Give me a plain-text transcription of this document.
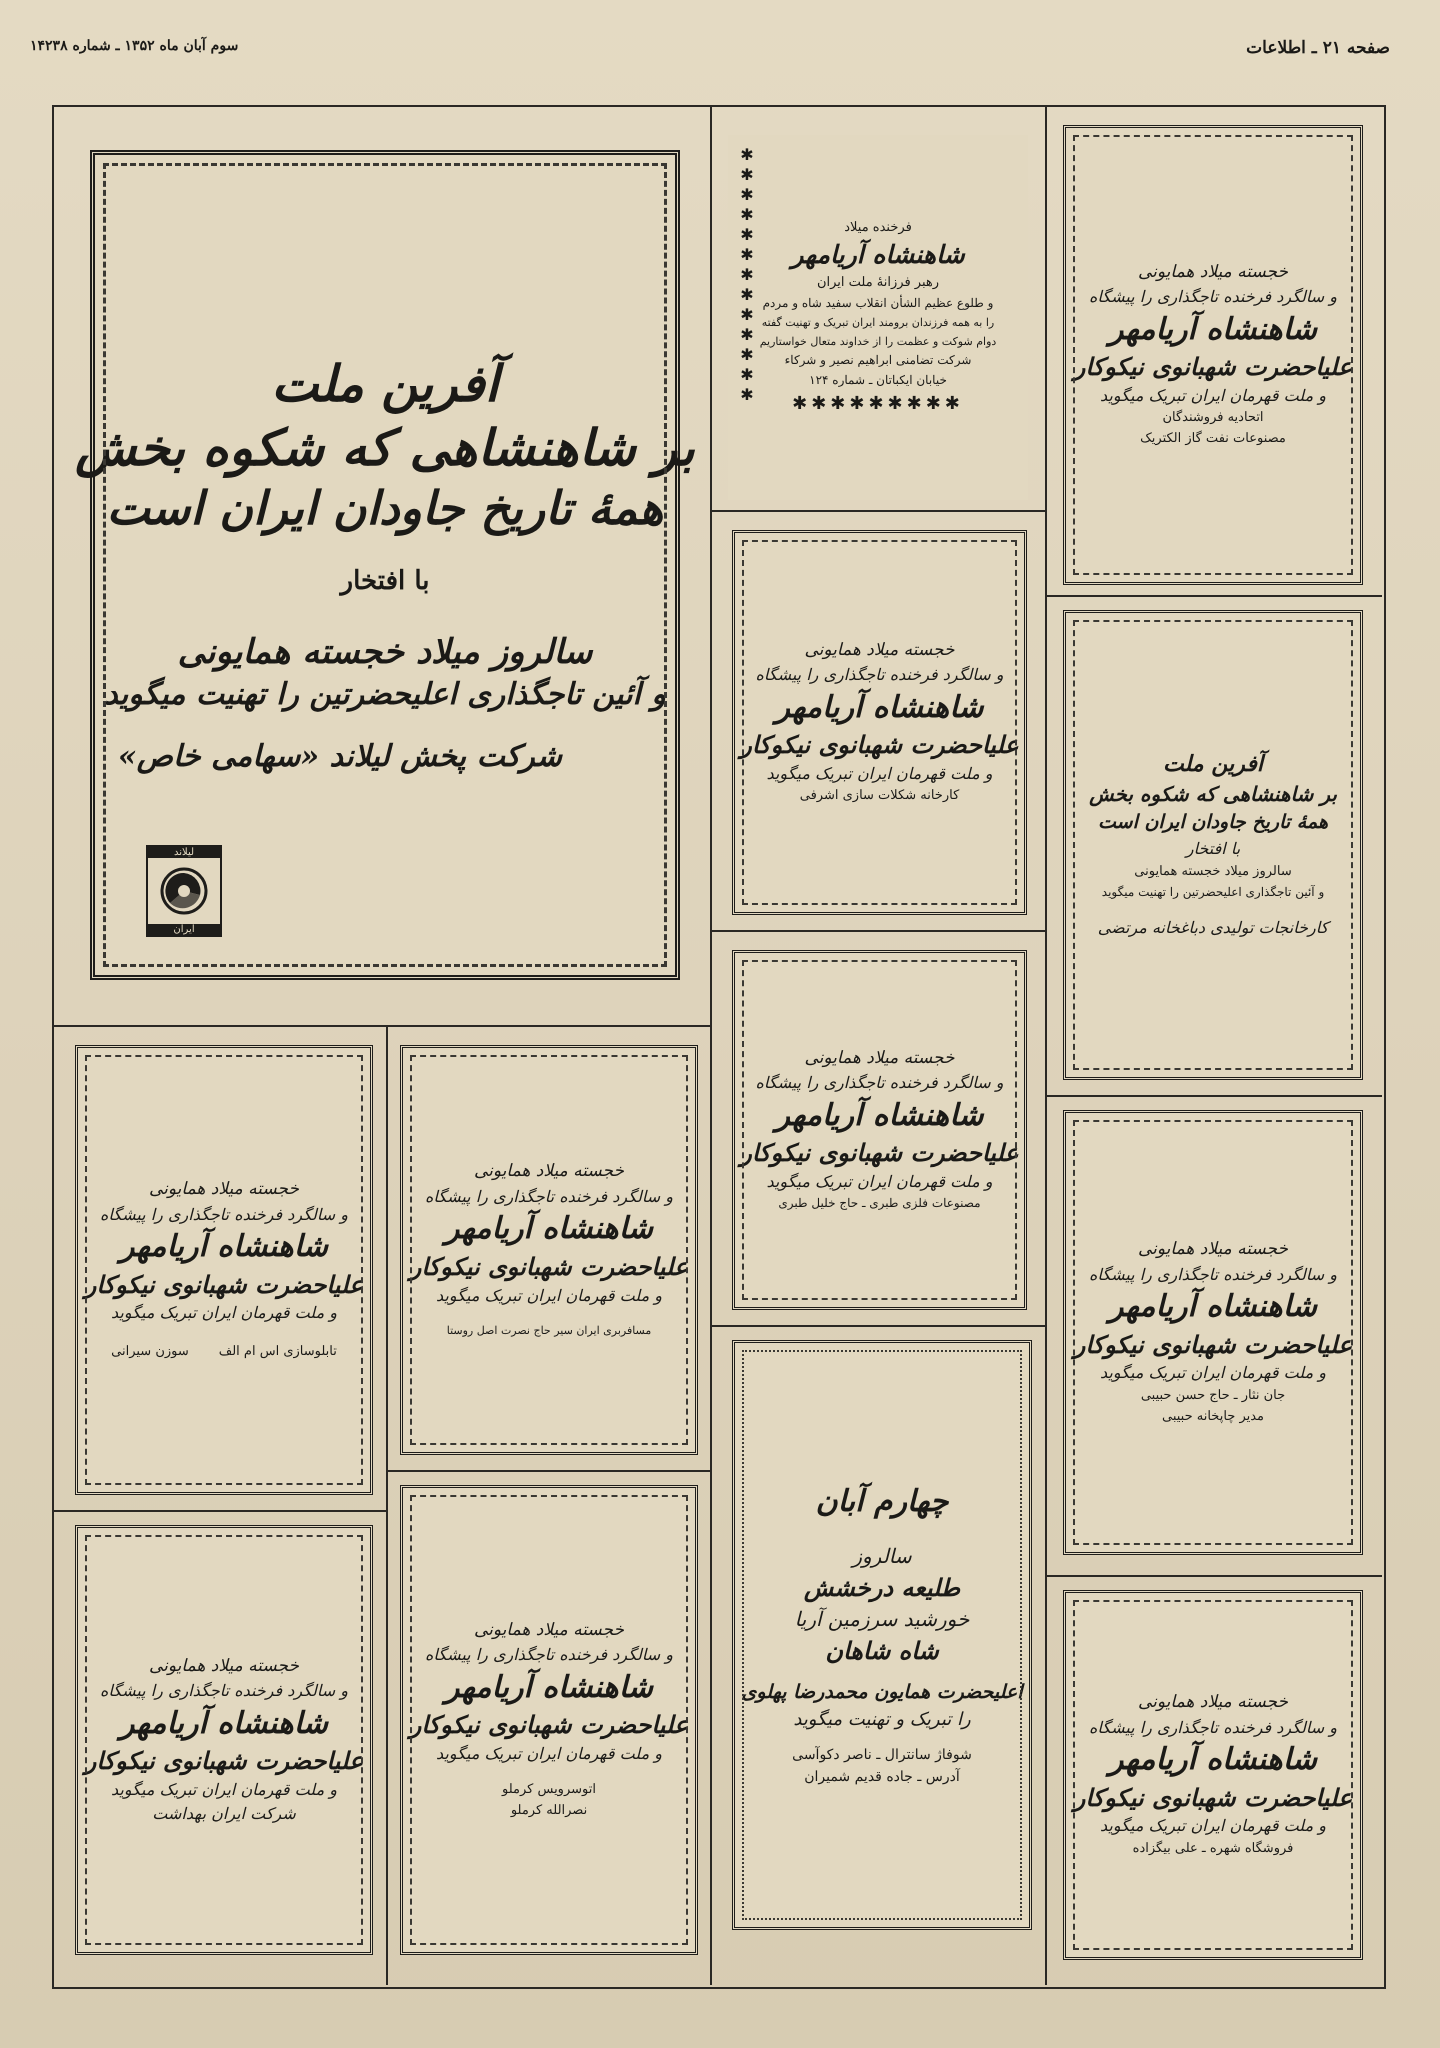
صفحه ۲۱ ـ اطلاعات
سوم آبان ماه ۱۳۵۲ ـ شماره ۱۴۲۳۸
آفرین ملت
بر شاهنشاهی که شکوه بخش
همهٔ تاریخ جاودان ایران است
با افتخار
سالروز میلاد خجسته همایونی
و آئین تاجگذاری اعلیحضرتین را تهنیت میگوید
شرکت پخش لیلاند «سهامی خاص»
لیلاند
ایران
فرخنده میلاد
شاهنشاه آریامهر
رهبر فرزانهٔ ملت ایران
و طلوع عظیم الشأن انقلاب سفید شاه و مردم
را به همه فرزندان برومند ایران تبریک و تهنیت گفته
دوام شوکت و عظمت را از خداوند متعال خواستاریم
شرکت تضامنی ابراهیم نصیر و شرکاء
خیابان ایکباتان ـ شماره ۱۲۴
✱✱✱✱✱✱✱✱✱
✱
✱
✱
✱
✱
✱
✱
✱
✱
✱
✱
✱
✱
خجسته میلاد همایونی
و سالگرد فرخنده تاجگذاری را پیشگاه
شاهنشاه آریامهر
علیاحضرت شهبانوی نیکوکار
و ملت قهرمان ایران تبریک میگوید
اتحادیه فروشندگان
مصنوعات نفت گاز الکتریک
آفرین ملت
بر شاهنشاهی که شکوه بخش
همهٔ تاریخ جاودان ایران است
با افتخار
سالروز میلاد خجسته همایونی
و آئین تاجگذاری اعلیحضرتین را تهنیت میگوید
کارخانجات تولیدی دباغخانه مرتضی
خجسته میلاد همایونی
و سالگرد فرخنده تاجگذاری را پیشگاه
شاهنشاه آریامهر
علیاحضرت شهبانوی نیکوکار
و ملت قهرمان ایران تبریک میگوید
کارخانه شکلات سازی اشرفی
خجسته میلاد همایونی
و سالگرد فرخنده تاجگذاری را پیشگاه
شاهنشاه آریامهر
علیاحضرت شهبانوی نیکوکار
و ملت قهرمان ایران تبریک میگوید
مصنوعات فلزی طبری ـ حاج خلیل طبری
خجسته میلاد همایونی
و سالگرد فرخنده تاجگذاری را پیشگاه
شاهنشاه آریامهر
علیاحضرت شهبانوی نیکوکار
و ملت قهرمان ایران تبریک میگوید
جان نثار ـ حاج حسن حبیبی
مدیر چاپخانه حبیبی
خجسته میلاد همایونی
و سالگرد فرخنده تاجگذاری را پیشگاه
شاهنشاه آریامهر
علیاحضرت شهبانوی نیکوکار
و ملت قهرمان ایران تبریک میگوید
تابلوسازی اس ام الف
سوزن سیرانی
خجسته میلاد همایونی
و سالگرد فرخنده تاجگذاری را پیشگاه
شاهنشاه آریامهر
علیاحضرت شهبانوی نیکوکار
و ملت قهرمان ایران تبریک میگوید
مسافربری ایران سیر حاج نصرت اصل روستا
چهارم آبان
سالروز
طلیعه درخشش
خورشید سرزمین آریا
شاه شاهان
اعلیحضرت همایون محمدرضا پهلوی
را تبریک و تهنیت میگوید
شوفاژ سانترال ـ ناصر دکوآسی
آدرس ـ جاده قدیم شمیران
خجسته میلاد همایونی
و سالگرد فرخنده تاجگذاری را پیشگاه
شاهنشاه آریامهر
علیاحضرت شهبانوی نیکوکار
و ملت قهرمان ایران تبریک میگوید
شرکت ایران بهداشت
خجسته میلاد همایونی
و سالگرد فرخنده تاجگذاری را پیشگاه
شاهنشاه آریامهر
علیاحضرت شهبانوی نیکوکار
و ملت قهرمان ایران تبریک میگوید
اتوسرویس کرملو
نصرالله کرملو
خجسته میلاد همایونی
و سالگرد فرخنده تاجگذاری را پیشگاه
شاهنشاه آریامهر
علیاحضرت شهبانوی نیکوکار
و ملت قهرمان ایران تبریک میگوید
فروشگاه شهره ـ علی بیگزاده
